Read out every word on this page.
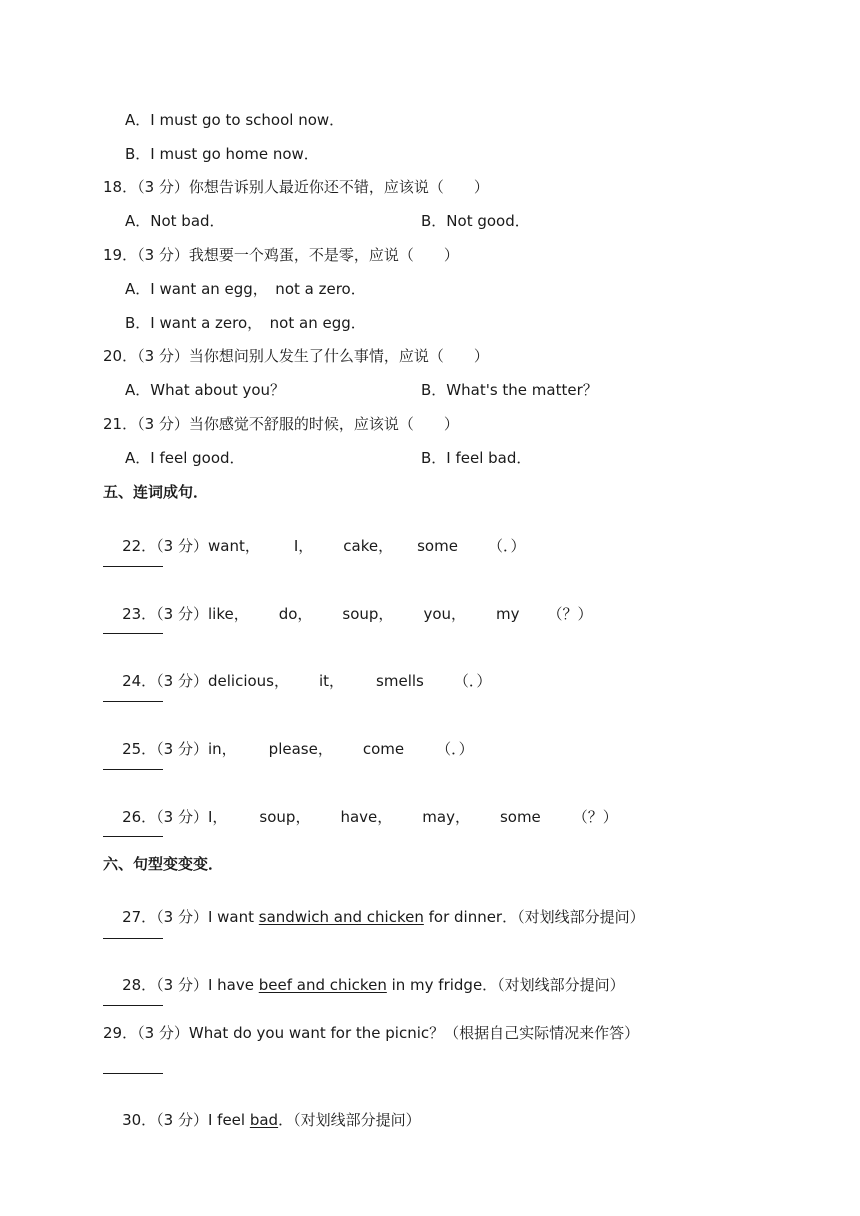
A．I must go to school now．
B．I must go home now．
18．（3 分）你想告诉别人最近你还不错，应该说（　　）
A．Not bad．	B．Not good．
19．（3 分）我想要一个鸡蛋，不是零，应说（　　）
A．I want an egg，　not a zero．
B．I want a zero，　not an egg．
20．（3 分）当你想问别人发生了什么事情，应说（　　）
A．What about you？	B．What's the matter？
21．（3 分）当你感觉不舒服的时候，应该说（　　）
A．I feel good．	B．I feel bad．
五、连词成句．

22．（3 分）want， I， cake， some （．）

23．（3 分）like， do， soup， you， my （？）

24．（3 分）delicious， it， smells （．）

25．（3 分）in， please， come （．）

26．（3 分）I， soup， have， may， some （？）

六、句型变变变．

27．（3 分）I want sandwich and chicken for dinner．（对划线部分提问）

28．（3 分）I have beef and chicken in my fridge．（对划线部分提问）

29．（3 分）What do you want for the picnic？（根据自己实际情况来作答）

30．（3 分）I feel bad．（对划线部分提问）
